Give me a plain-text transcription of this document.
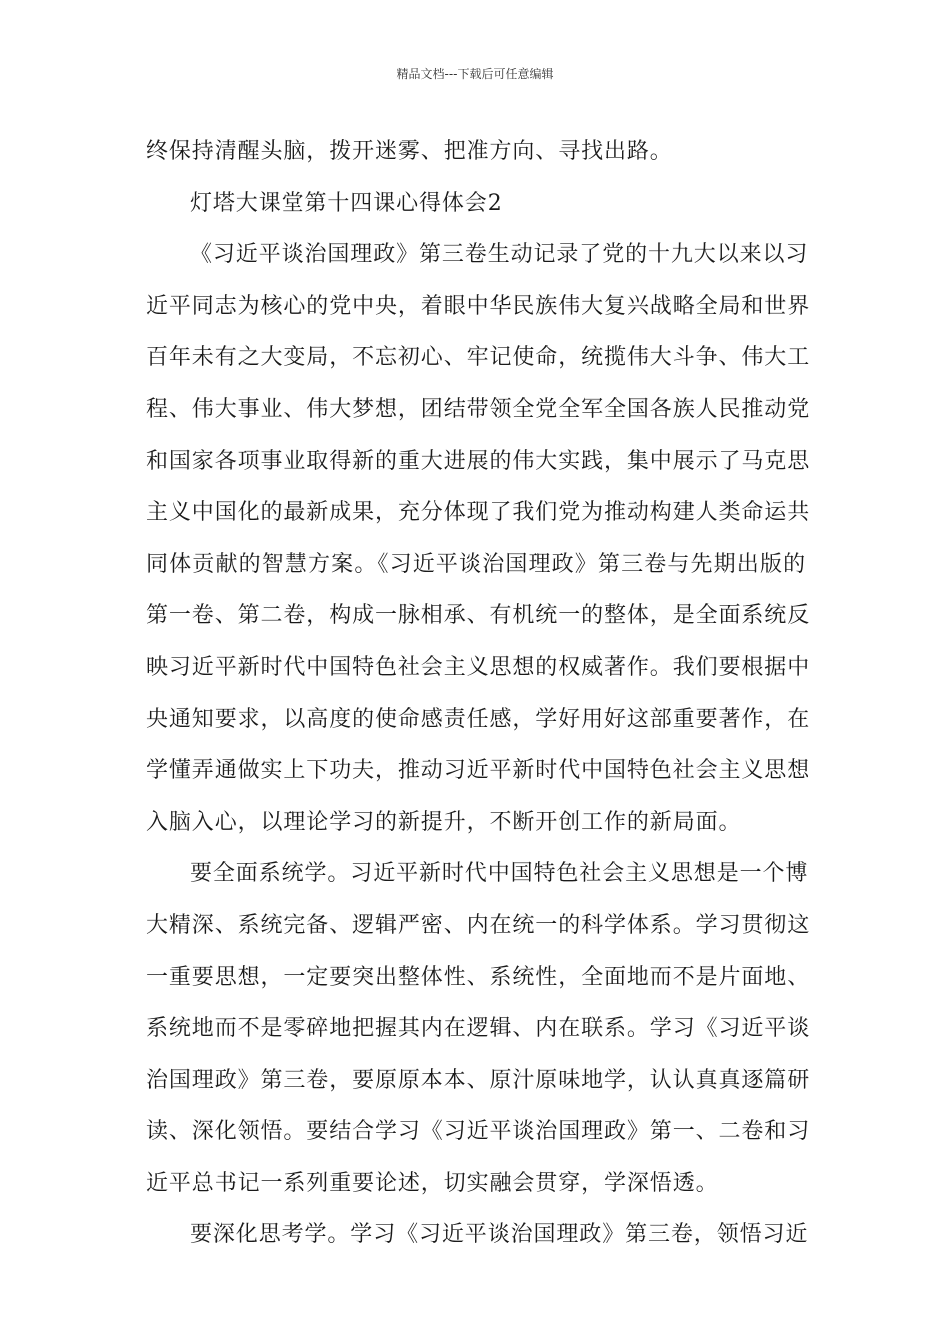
精品文档---下载后可任意编辑
终保持清醒头脑，拨开迷雾、把准方向、寻找出路。
灯塔大课堂第十四课心得体会2
《习近平谈治国理政》第三卷生动记录了党的十九大以来以习
近平同志为核心的党中央，着眼中华民族伟大复兴战略全局和世界
百年未有之大变局，不忘初心、牢记使命，统揽伟大斗争、伟大工
程、伟大事业、伟大梦想，团结带领全党全军全国各族人民推动党
和国家各项事业取得新的重大进展的伟大实践，集中展示了马克思
主义中国化的最新成果，充分体现了我们党为推动构建人类命运共
同体贡献的智慧方案。《习近平谈治国理政》第三卷与先期出版的
第一卷、第二卷，构成一脉相承、有机统一的整体，是全面系统反
映习近平新时代中国特色社会主义思想的权威著作。我们要根据中
央通知要求，以高度的使命感责任感，学好用好这部重要著作，在
学懂弄通做实上下功夫，推动习近平新时代中国特色社会主义思想
入脑入心，以理论学习的新提升，不断开创工作的新局面。
要全面系统学。习近平新时代中国特色社会主义思想是一个博
大精深、系统完备、逻辑严密、内在统一的科学体系。学习贯彻这
一重要思想，一定要突出整体性、系统性，全面地而不是片面地、
系统地而不是零碎地把握其内在逻辑、内在联系。学习《习近平谈
治国理政》第三卷，要原原本本、原汁原味地学，认认真真逐篇研
读、深化领悟。要结合学习《习近平谈治国理政》第一、二卷和习
近平总书记一系列重要论述，切实融会贯穿，学深悟透。
要深化思考学。学习《习近平谈治国理政》第三卷，领悟习近
